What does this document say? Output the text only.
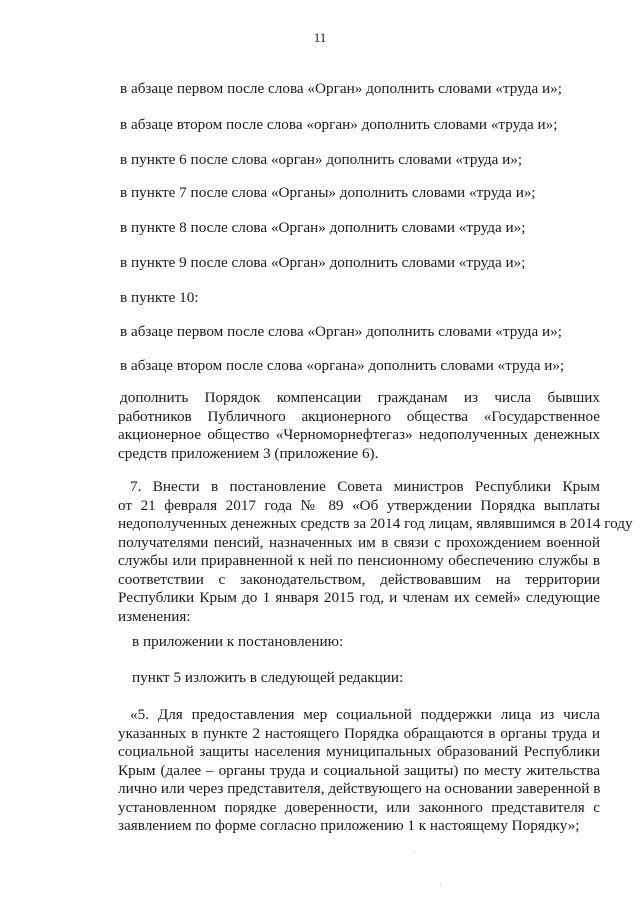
11
в абзаце первом после слова «Орган» дополнить словами «труда и»;
в абзаце втором после слова «орган» дополнить словами «труда и»;
в пункте 6 после слова «орган» дополнить словами «труда и»;
в пункте 7 после слова «Органы» дополнить словами «труда и»;
в пункте 8 после слова «Орган» дополнить словами «труда и»;
в пункте 9 после слова «Орган» дополнить словами «труда и»;
в пункте 10:
в абзаце первом после слова «Орган» дополнить словами «труда и»;
в абзаце втором после слова «органа» дополнить словами «труда и»;
дополнить Порядок компенсации гражданам из числа бывших
работников Публичного акционерного общества «Государственное
акционерное общество «Черноморнефтегаз» недополученных денежных
средств приложением 3 (приложение 6).
7. Внести в постановление Совета министров Республики Крым
от 21 февраля 2017 года № 89 «Об утверждении Порядка выплаты
недополученных денежных средств за 2014 год лицам, являвшимся в 2014 году
получателями пенсий, назначенных им в связи с прохождением военной
службы или приравненной к ней по пенсионному обеспечению службы в
соответствии с законодательством, действовавшим на территории
Республики Крым до 1 января 2015 год, и членам их семей» следующие
изменения:
в приложении к постановлению:
пункт 5 изложить в следующей редакции:
«5. Для предоставления мер социальной поддержки лица из числа
указанных в пункте 2 настоящего Порядка обращаются в органы труда и
социальной защиты населения муниципальных образований Республики
Крым (далее – органы труда и социальной защиты) по месту жительства
лично или через представителя, действующего на основании заверенной в
установленном порядке доверенности, или законного представителя с
заявлением по форме согласно приложению 1 к настоящему Порядку»;
